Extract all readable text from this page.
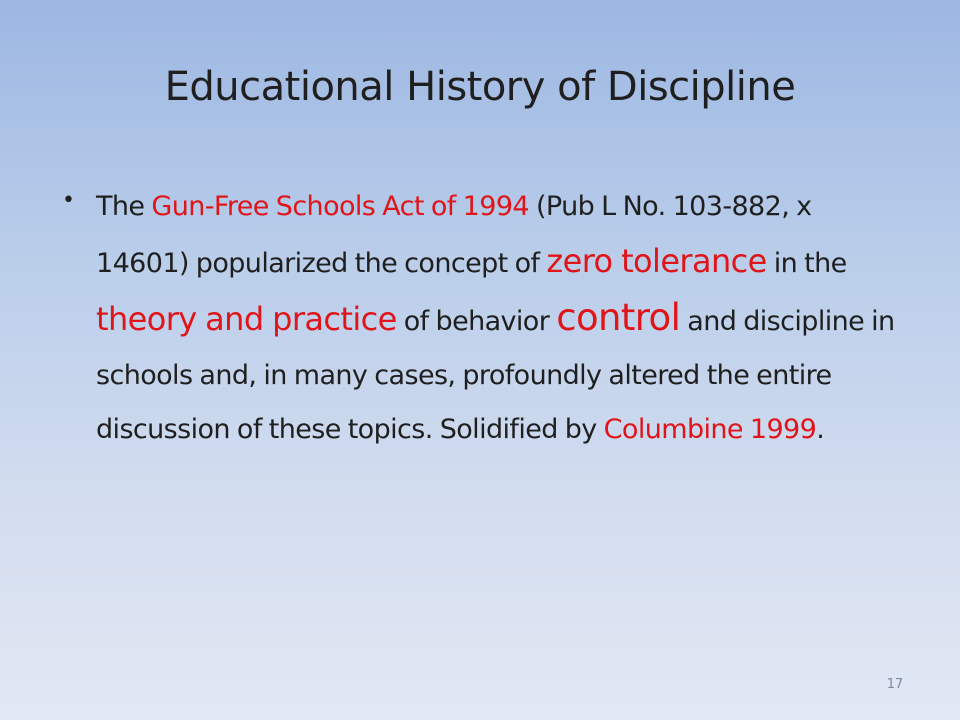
Educational History of Discipline
• The Gun-Free Schools Act of 1994 (Pub L No. 103-882, x 14601) popularized the concept of zero tolerance in the theory and practice of behavior control and discipline in schools and, in many cases, profoundly altered the entire discussion of these topics. Solidified by Columbine 1999.

17
